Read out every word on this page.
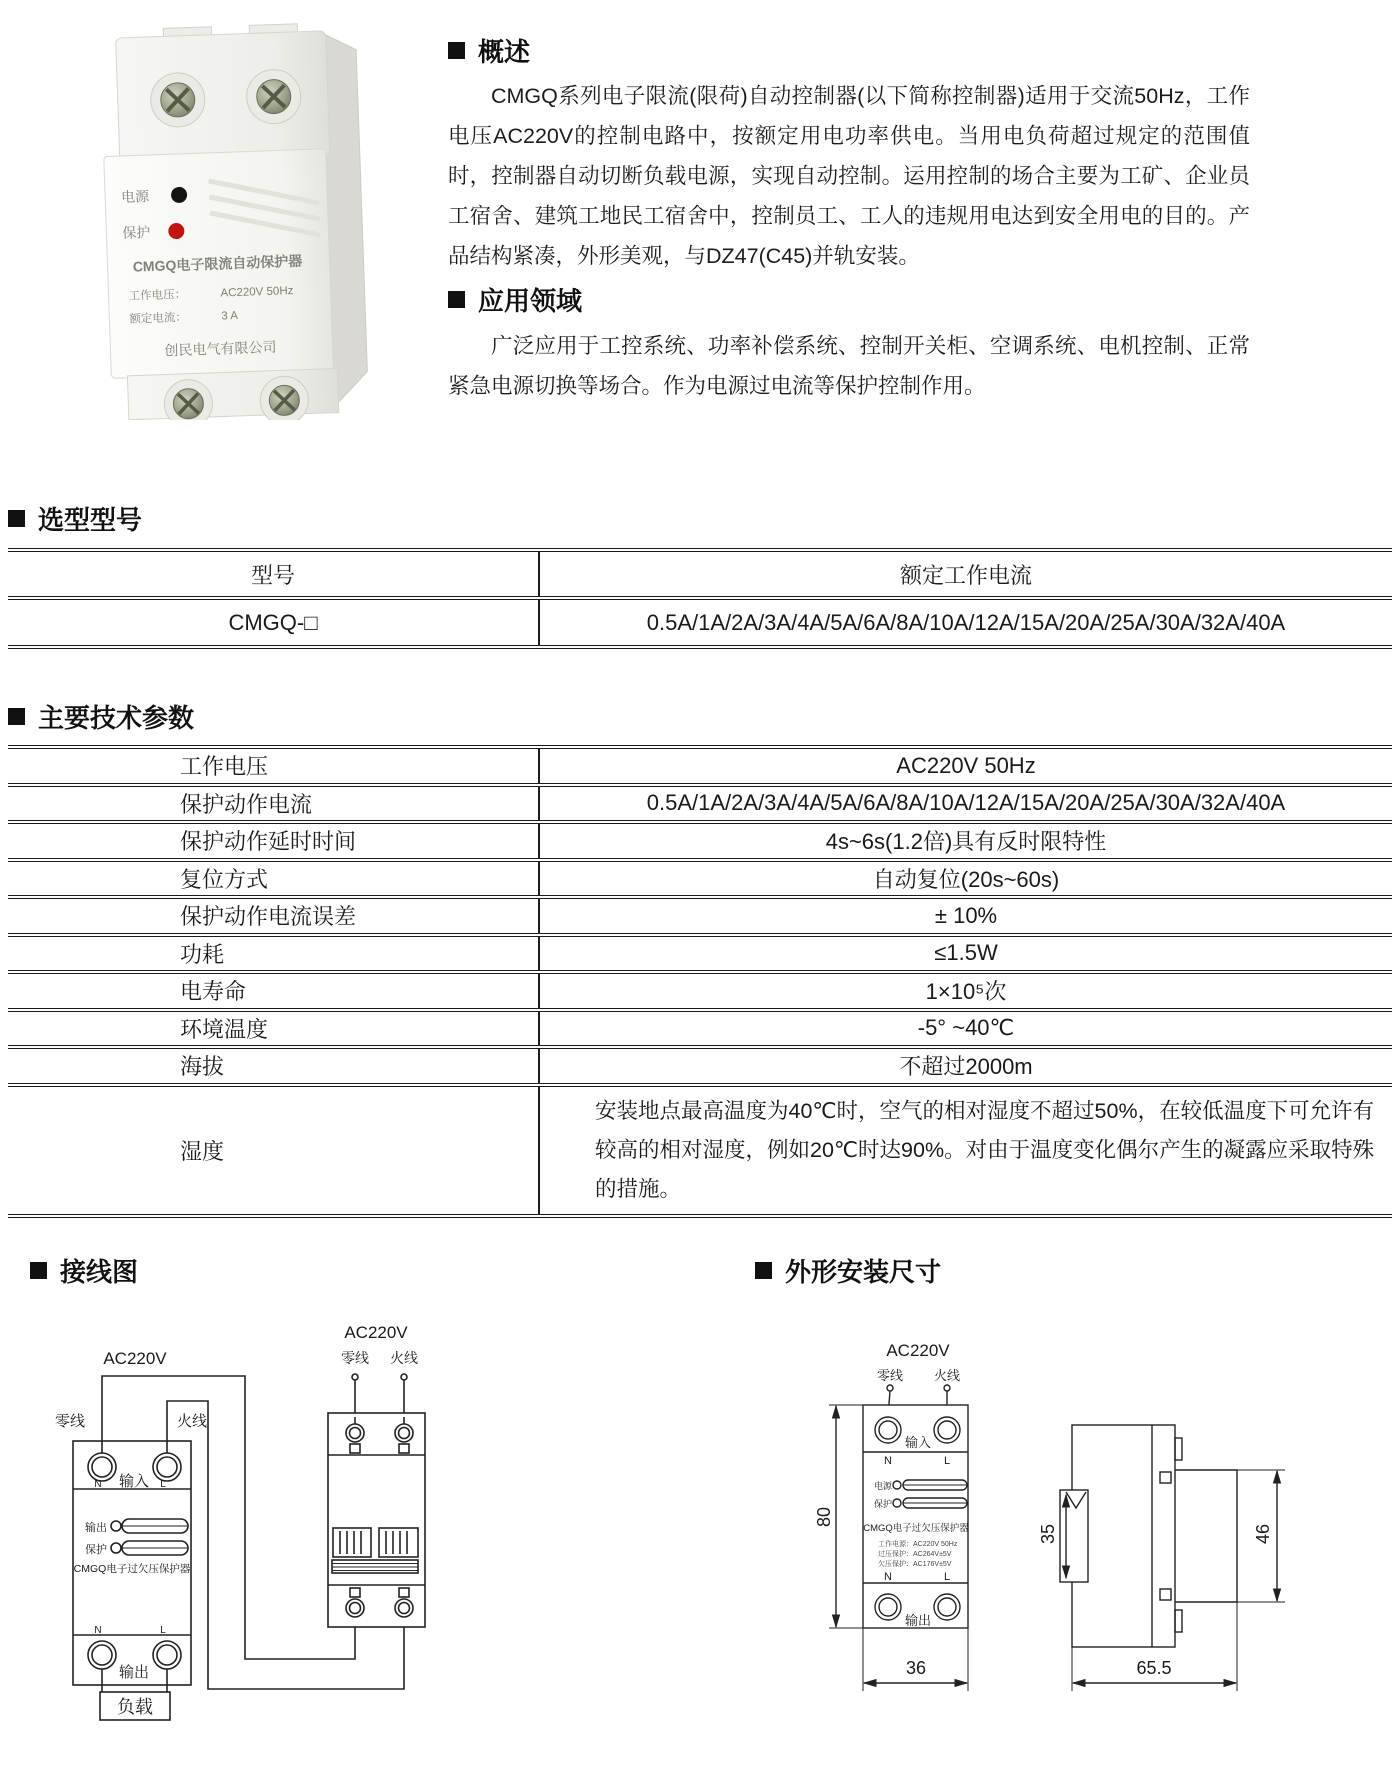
电源
保护
CMGQ电子限流自动保护器
工作电压：	AC220V 50Hz
额定电流：	3 A
创民电气有限公司
概述
CMGQ系列电子限流(限荷)自动控制器(以下简称控制器)适用于交流50Hz，工作电压AC220V的控制电路中，按额定用电功率供电。当用电负荷超过规定的范围值时，控制器自动切断负载电源，实现自动控制。运用控制的场合主要为工矿、企业员工宿舍、建筑工地民工宿舍中，控制员工、工人的违规用电达到安全用电的目的。产品结构紧凑，外形美观，与DZ47(C45)并轨安装。
应用领域
广泛应用于工控系统、功率补偿系统、控制开关柜、空调系统、电机控制、正常紧急电源切换等场合。作为电源过电流等保护控制作用。
选型型号
型号	额定工作电流
CMGQ-□	0.5A/1A/2A/3A/4A/5A/6A/8A/10A/12A/15A/20A/25A/30A/32A/40A
主要技术参数
工作电压	AC220V 50Hz
保护动作电流	0.5A/1A/2A/3A/4A/5A/6A/8A/10A/12A/15A/20A/25A/30A/32A/40A
保护动作延时时间	4s~6s(1.2倍)具有反时限特性
复位方式	自动复位(20s~60s)
保护动作电流误差	± 10%
功耗	≤1.5W
电寿命	1×10⁵次
环境温度	-5° ~40℃
海拔	不超过2000m
湿度
安装地点最高温度为40℃时，空气的相对湿度不超过50%，在较低温度下可允许有较高的相对湿度，例如20℃时达90%。对由于温度变化偶尔产生的凝露应采取特殊的措施。
接线图
AC220V
零线	火线
输入
N	L
输出
保护
CMGQ电子过欠压保护器
N	L
输出
负载
AC220V
零线 火线
外形安装尺寸
AC220V
零线 火线
输入
N	L
电源
保护
CMGQ电子过欠压保护器
工作电源：AC220V 50Hz
过压保护：AC264V±5V
欠压保护：AC176V±5V
N	L
输出
80
36
35	46
65.5
